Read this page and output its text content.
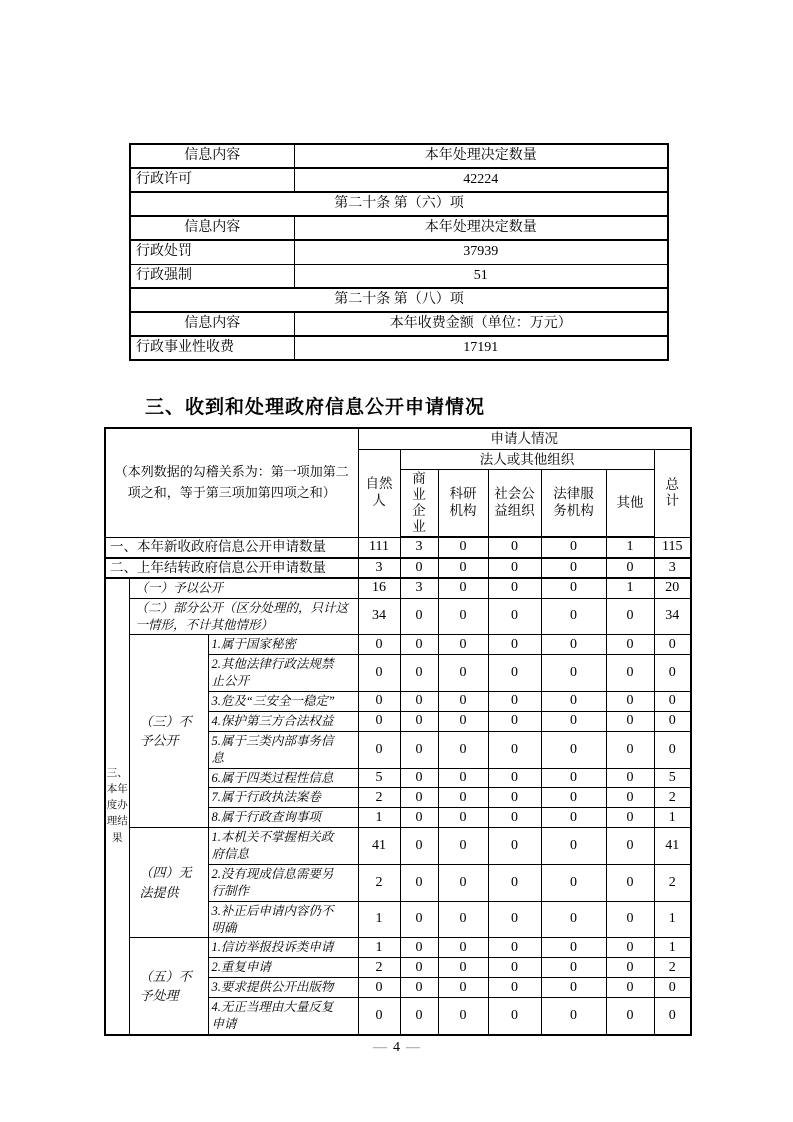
信息内容	本年处理决定数量
行政许可	42224
第二十条 第（六）项	
信息内容	本年处理决定数量
行政处罚	37939
行政强制	51
第二十条 第（八）项	
信息内容	本年收费金额（单位：万元）
行政事业性收费	17191
三、收到和处理政府信息公开申请情况
（本列数据的勾稽关系为：第一项加第二项之和，等于第三项加第四项之和）			申请人情况						
			自然人	法人或其他组织					总计
				商业企业	科研机构	社会公益组织	法律服务机构	其他	
一、本年新收政府信息公开申请数量			111	3	0	0	0	1	115
二、上年结转政府信息公开申请数量			3	0	0	0	0	0	3
三、本年度办理结果	（一）予以公开		16	3	0	0	0	1	20
	（二）部分公开（区分处理的，只计这一情形，不计其他情形）		34	0	0	0	0	0	34
	（三）不予公开	1.属于国家秘密	0	0	0	0	0	0	0
		2.其他法律行政法规禁止公开	0	0	0	0	0	0	0
		3.危及“三安全一稳定”	0	0	0	0	0	0	0
		4.保护第三方合法权益	0	0	0	0	0	0	0
		5.属于三类内部事务信息	0	0	0	0	0	0	0
		6.属于四类过程性信息	5	0	0	0	0	0	5
		7.属于行政执法案卷	2	0	0	0	0	0	2
		8.属于行政查询事项	1	0	0	0	0	0	1
	（四）无法提供	1.本机关不掌握相关政府信息	41	0	0	0	0	0	41
		2.没有现成信息需要另行制作	2	0	0	0	0	0	2
		3.补正后申请内容仍不明确	1	0	0	0	0	0	1
	（五）不予处理	1.信访举报投诉类申请	1	0	0	0	0	0	1
		2.重复申请	2	0	0	0	0	0	2
		3.要求提供公开出版物	0	0	0	0	0	0	0
		4.无正当理由大量反复申请	0	0	0	0	0	0	0
— 4 —
